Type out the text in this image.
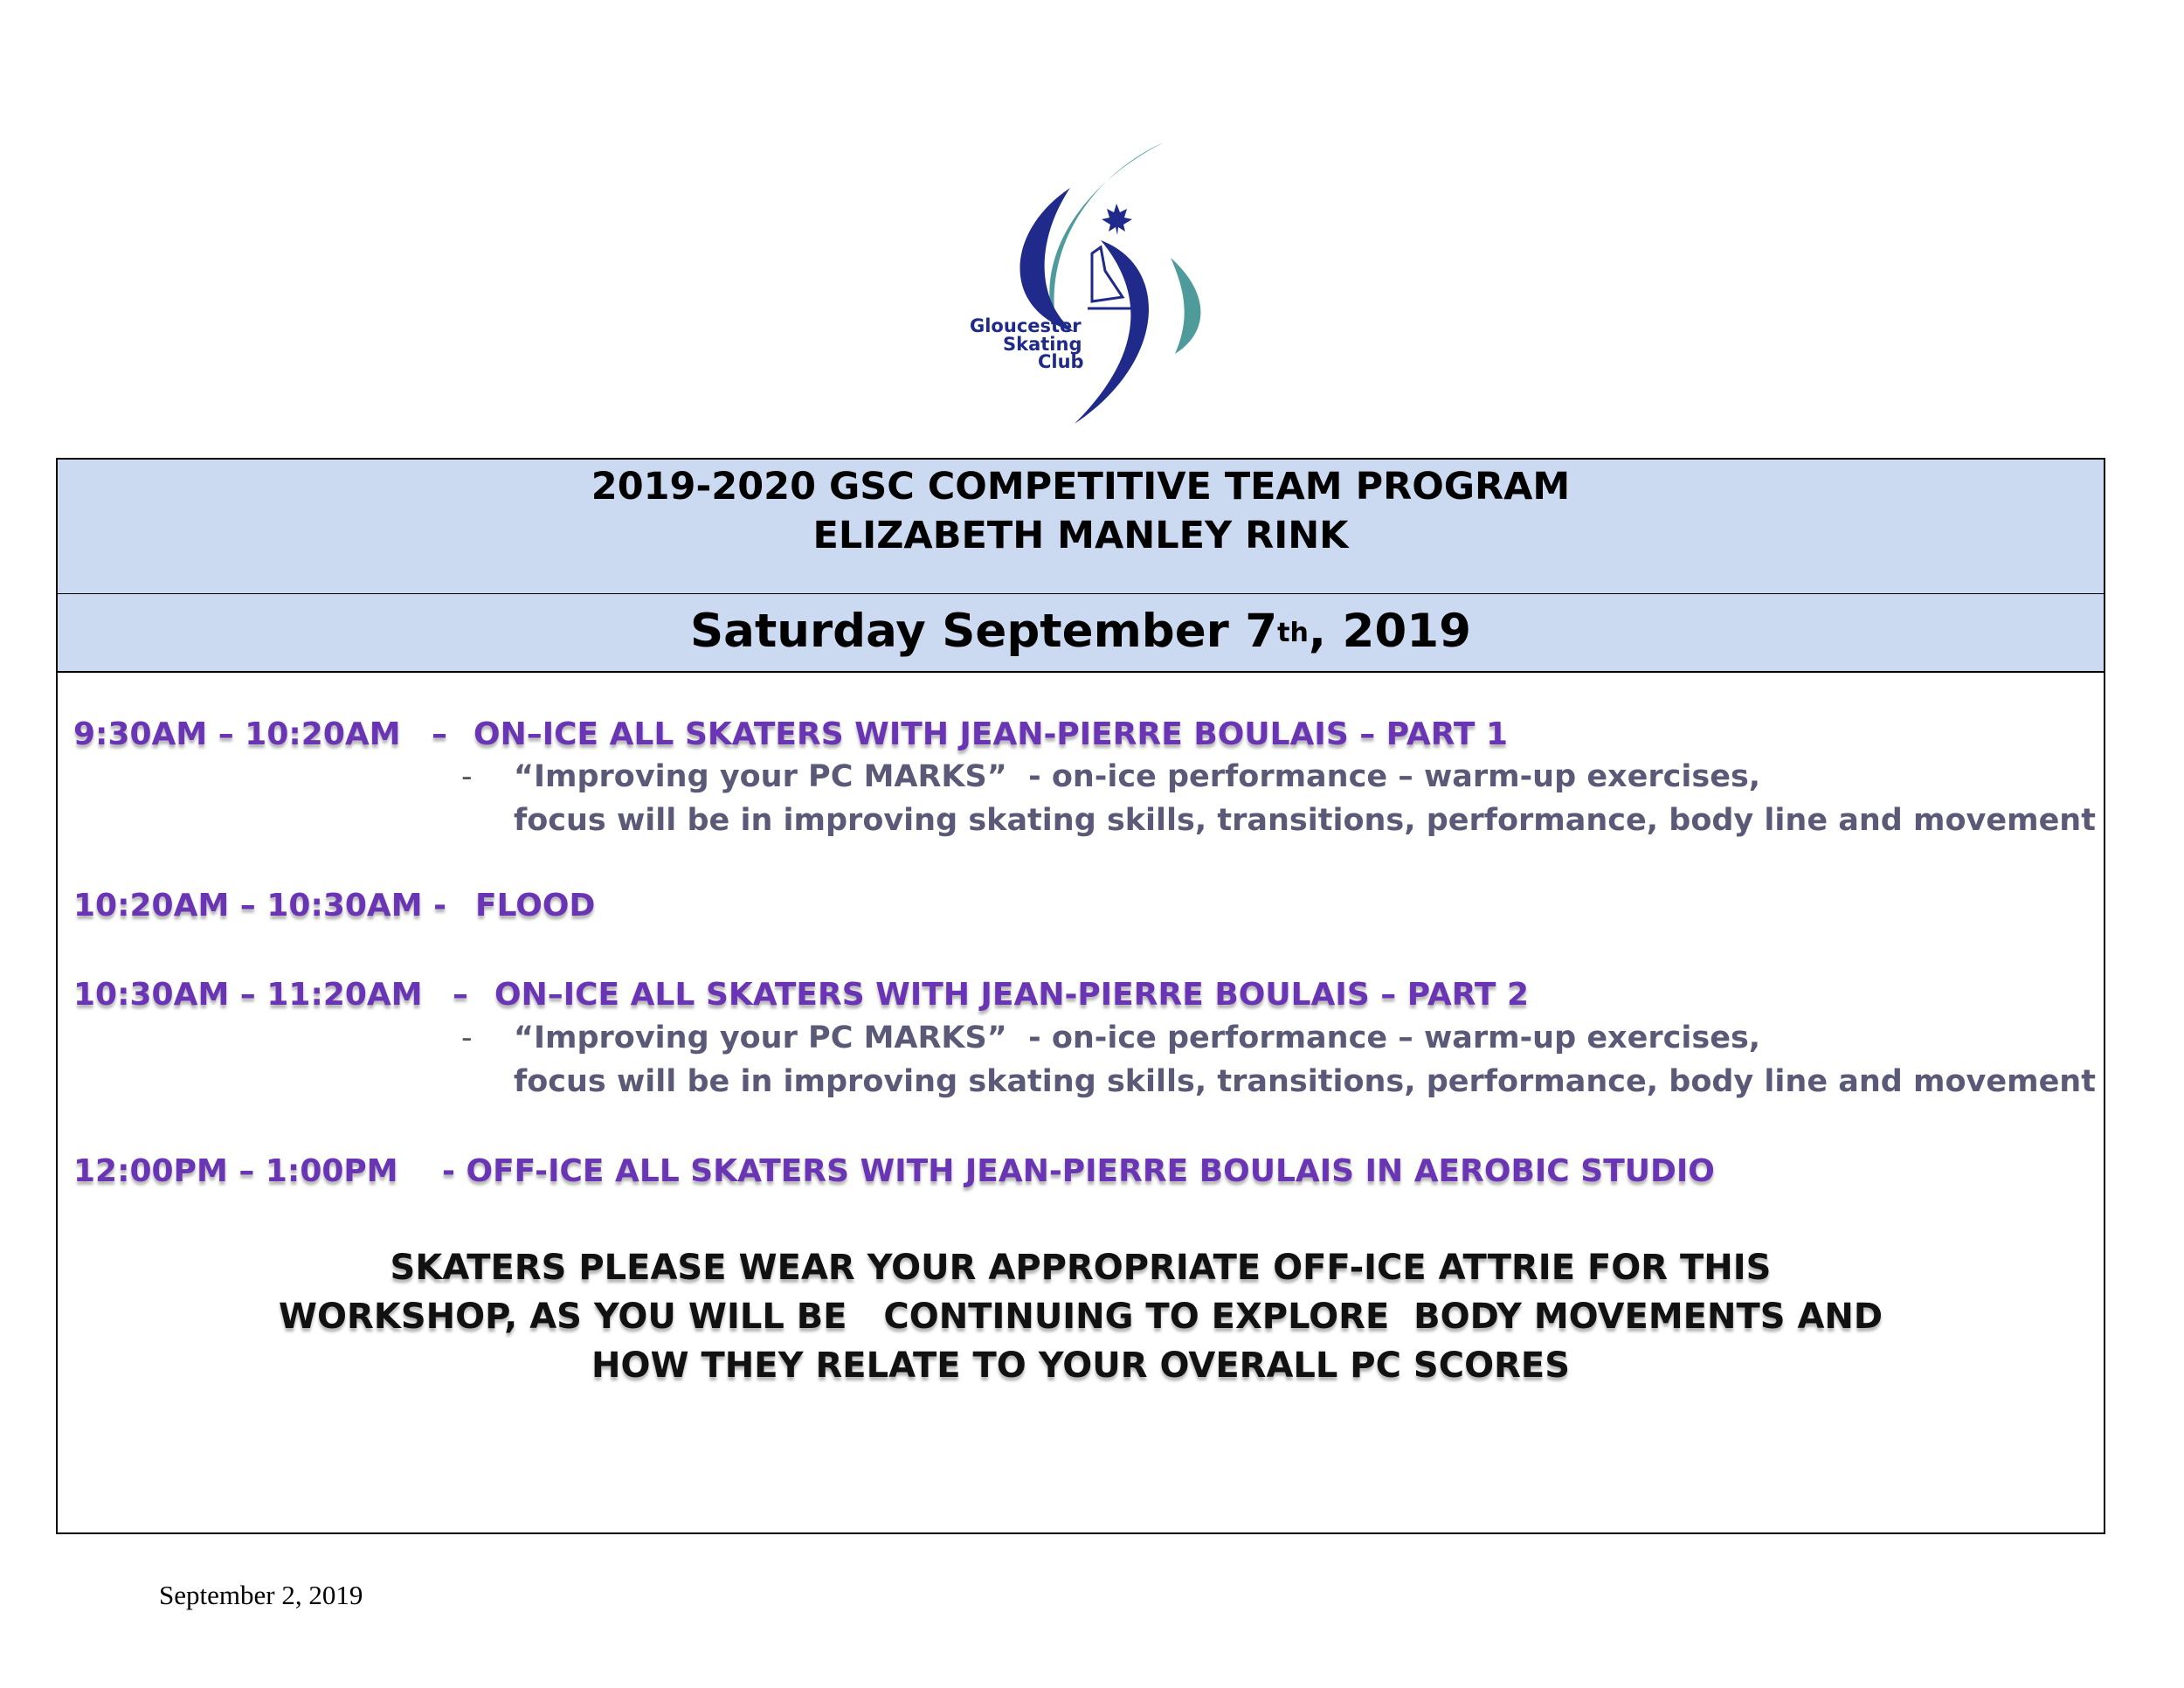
Gloucester
Skating
Club
2019-2020 GSC COMPETITIVE TEAM PROGRAM
ELIZABETH MANLEY RINK
Saturday September 7th, 2019
9:30AM – 10:20AM – ON–ICE ALL SKATERS WITH JEAN-PIERRE BOULAIS – PART 1
- “Improving your PC MARKS”  - on-ice performance – warm-up exercises,
focus will be in improving skating skills, transitions, performance, body line and movement
10:20AM – 10:30AM - FLOOD
10:30AM – 11:20AM – ON–ICE ALL SKATERS WITH JEAN-PIERRE BOULAIS – PART 2
- “Improving your PC MARKS”  - on-ice performance – warm-up exercises,
focus will be in improving skating skills, transitions, performance, body line and movement
12:00PM – 1:00PM - OFF-ICE ALL SKATERS WITH JEAN-PIERRE BOULAIS IN AEROBIC STUDIO
SKATERS PLEASE WEAR YOUR APPROPRIATE OFF-ICE ATTRIE FOR THIS
WORKSHOP, AS YOU WILL BE   CONTINUING TO EXPLORE  BODY MOVEMENTS AND
HOW THEY RELATE TO YOUR OVERALL PC SCORES
September 2, 2019
